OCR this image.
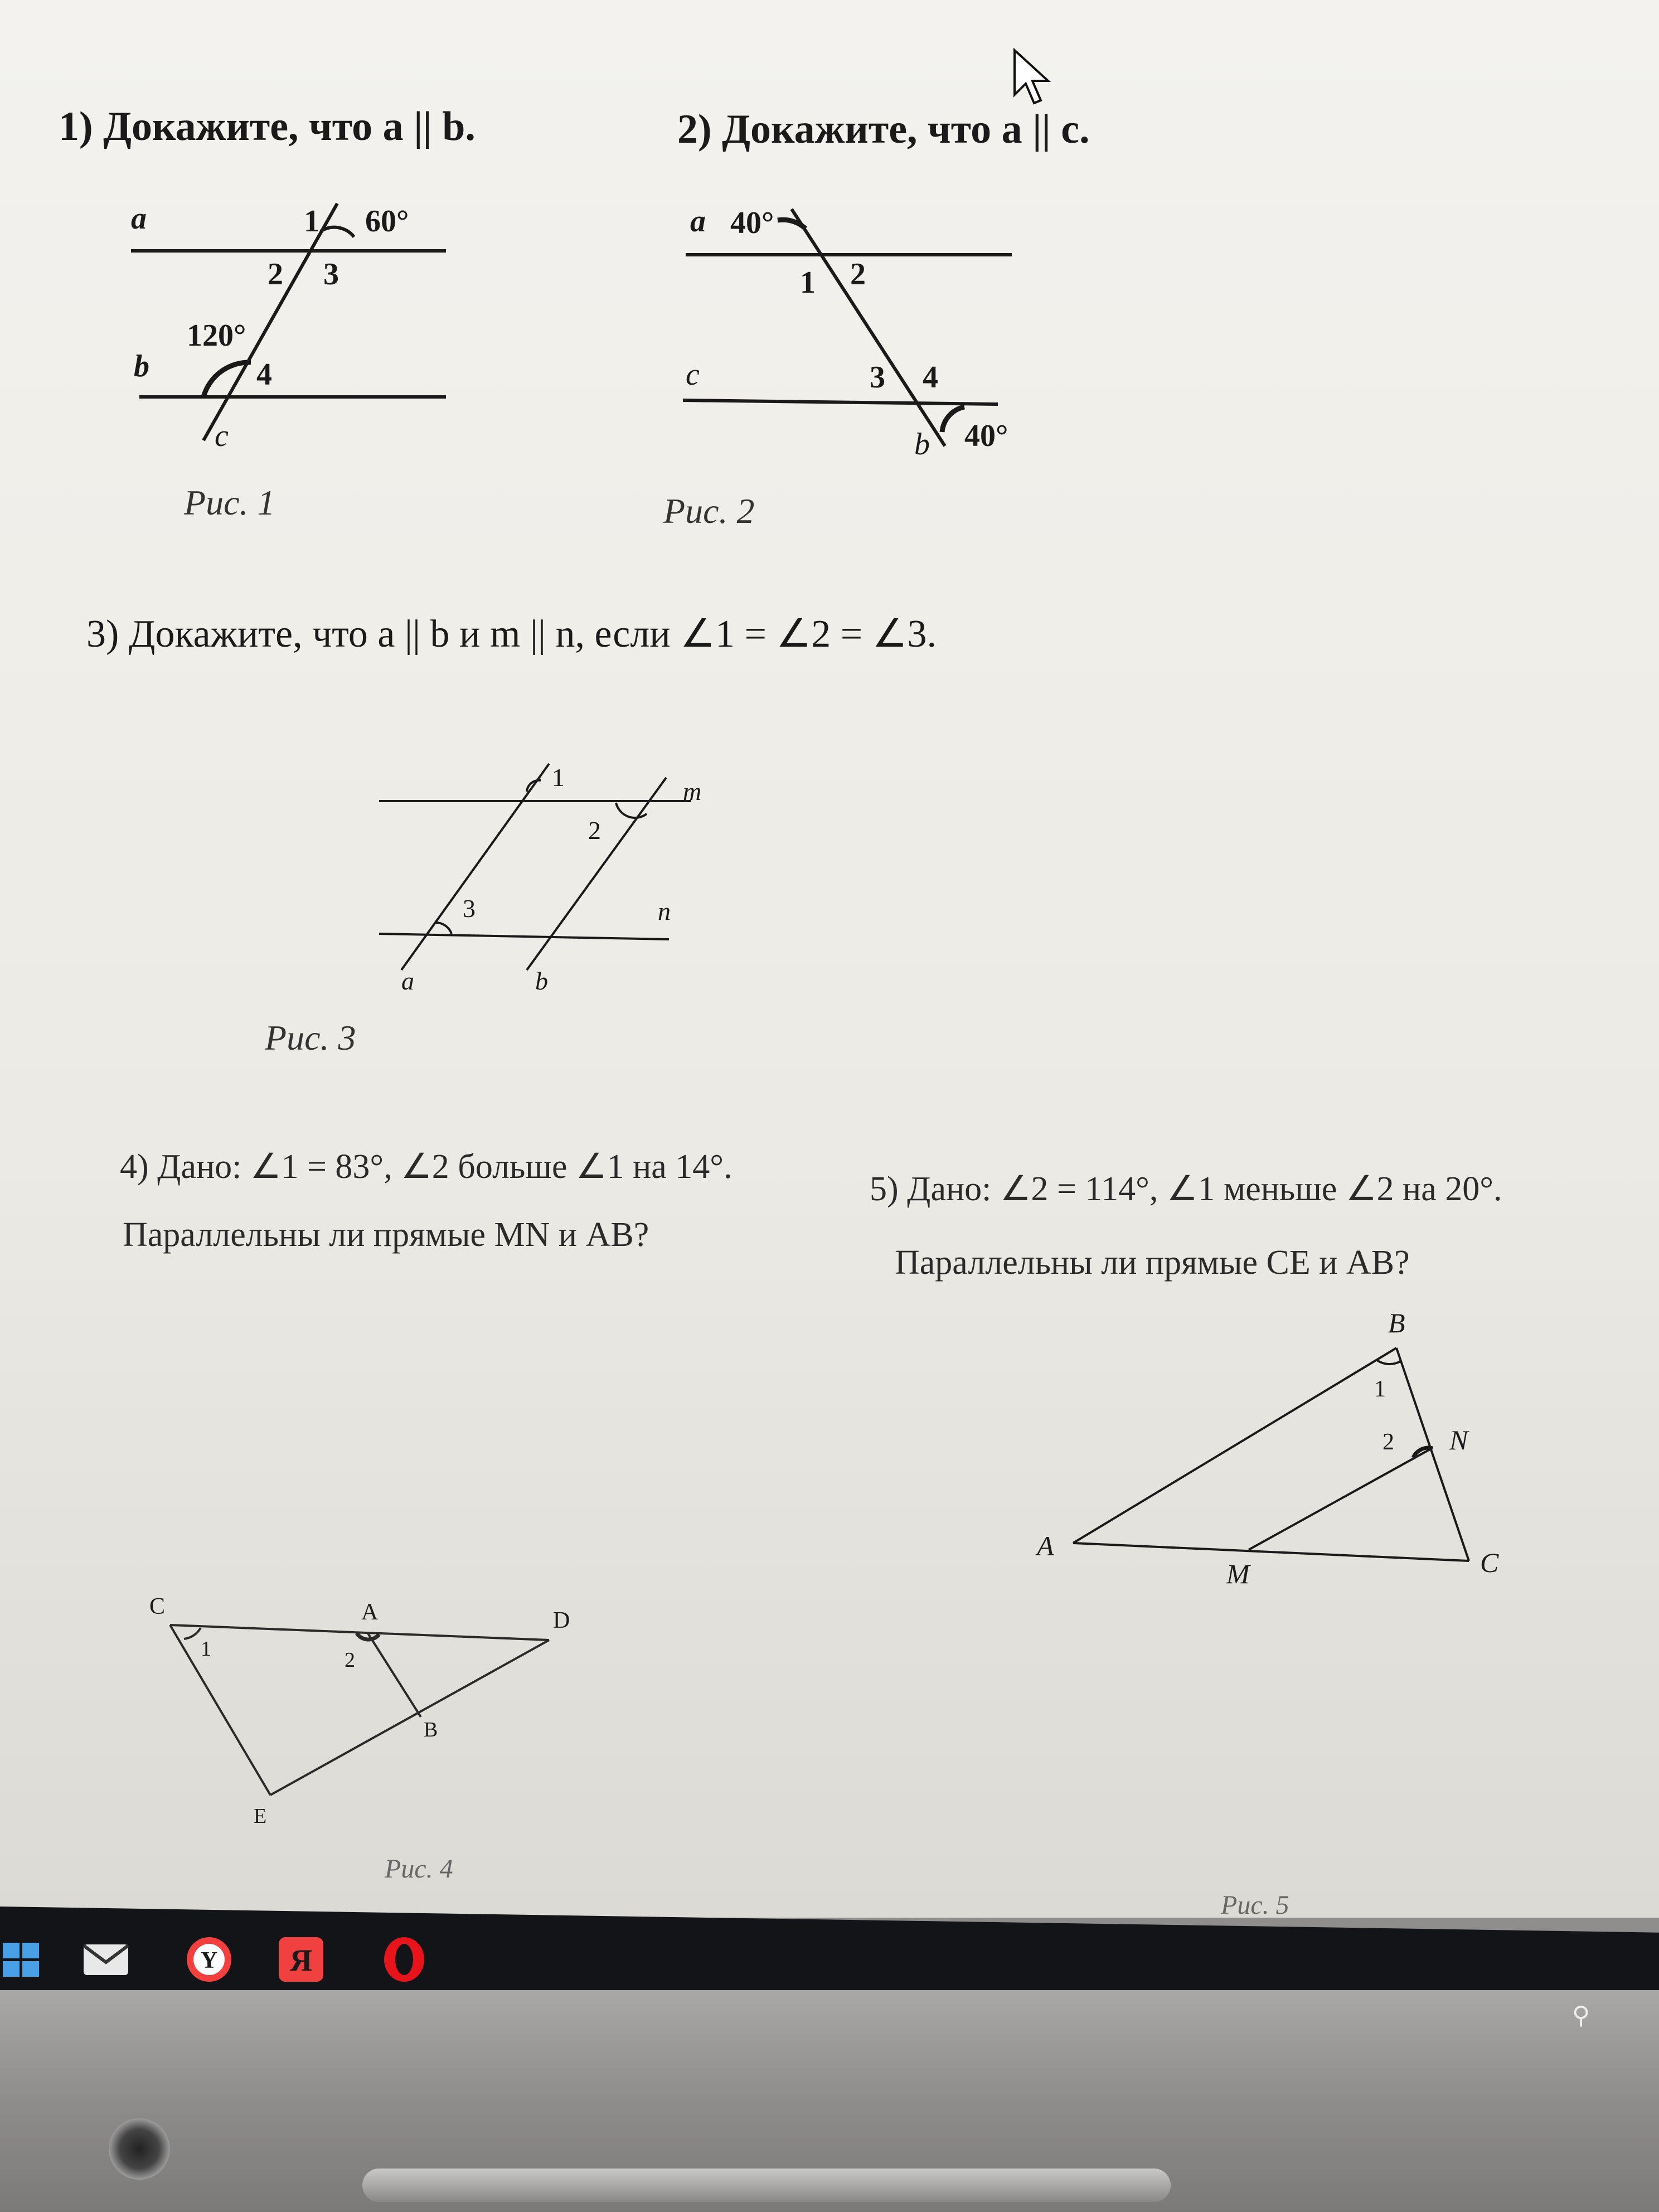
1) Докажите, что a || b.	2) Докажите, что a || c.
3) Докажите, что a || b и m || n, если ∠1 = ∠2 = ∠3.
4) Дано: ∠1 = 83°, ∠2 больше ∠1 на 14°.
Параллельны ли прямые MN и AB?
5) Дано: ∠2 = 114°, ∠1 меньше ∠2 на 20°.
Параллельны ли прямые CE и AB?
Рис. 1	Рис. 2
Рис. 3
Рис. 4
Рис. 5
a
b
c
1 60°
2 3
120°
4
a 40°
1 2
c	3 4
b 40°
1	m
2
3	n
a	b
C	A	D
1	2
B
E
B
1
2 N
A
M	C
Y Я
⚲
